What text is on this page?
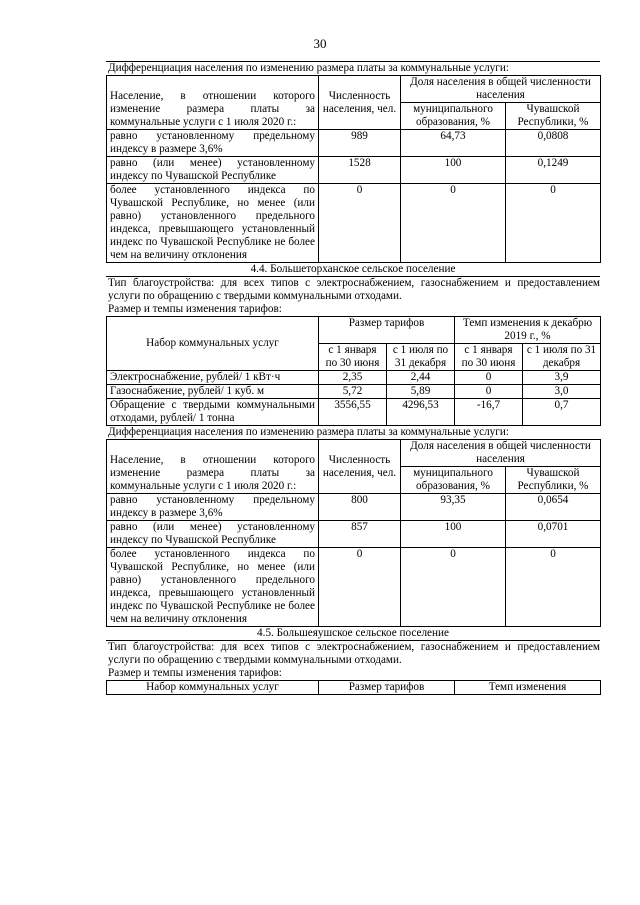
30
Дифференциация населения по изменению размера платы за коммунальные услуги:
Население, в отношении которого изменение размера платы за коммунальные услуги с 1 июля 2020 г.:	Численность населения, чел.	Доля населения в общей численности населения	
		муниципального образования, %	Чувашской Республики, %
равно установленному предельному индексу в размере 3,6%	989	64,73	0,0808
равно (или менее) установленному индексу по Чувашской Республике	1528	100	0,1249
более установленного индекса по Чувашской Республике, но менее (или равно) установленного предельного индекса, превышающего установленный индекс по Чувашской Республике не более чем на величину отклонения	0	0	0
4.4. Большеторханское сельское поселение
Тип благоустройства: для всех типов с электроснабжением, газоснабжением и предоставлением услуги по обращению с твердыми коммунальными отходами.
Размер и темпы изменения тарифов:
Набор коммунальных услуг	Размер тарифов		Темп изменения к декабрю 2019 г., %	
	с 1 января по 30 июня	с 1 июля по 31 декабря	с 1 января по 30 июня	с 1 июля по 31 декабря
Электроснабжение, рублей/ 1 кВт·ч	2,35	2,44	0	3,9
Газоснабжение, рублей/ 1 куб. м	5,72	5,89	0	3,0
Обращение с твердыми коммунальными отходами, рублей/ 1 тонна	3556,55	4296,53	-16,7	0,7
Дифференциация населения по изменению размера платы за коммунальные услуги:
Население, в отношении которого изменение размера платы за коммунальные услуги с 1 июля 2020 г.:	Численность населения, чел.	Доля населения в общей численности населения	
		муниципального образования, %	Чувашской Республики, %
равно установленному предельному индексу в размере 3,6%	800	93,35	0,0654
равно (или менее) установленному индексу по Чувашской Республике	857	100	0,0701
более установленного индекса по Чувашской Республике, но менее (или равно) установленного предельного индекса, превышающего установленный индекс по Чувашской Республике не более чем на величину отклонения	0	0	0
4.5. Большеяушское сельское поселение
Тип благоустройства: для всех типов с электроснабжением, газоснабжением и предоставлением услуги по обращению с твердыми коммунальными отходами.
Размер и темпы изменения тарифов:
Набор коммунальных услуг	Размер тарифов	Темп изменения
